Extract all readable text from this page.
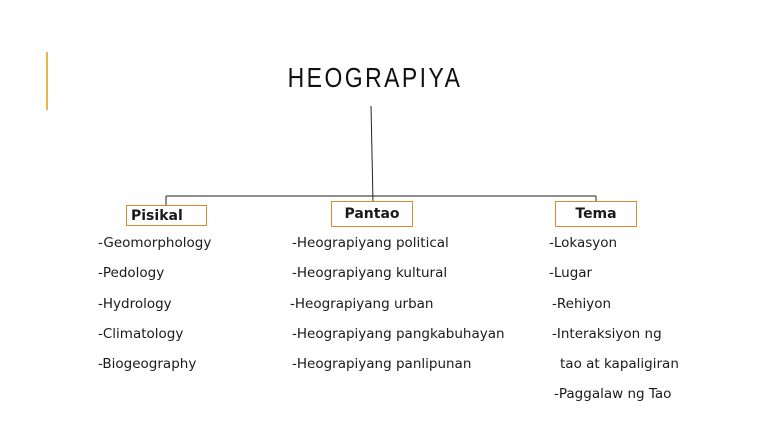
HEOGRAPIYA
Pisikal	Pantao	Tema
-Geomorphology
-Pedology
-Hydrology
-Climatology
-Biogeography
-Heograpiyang political
-Heograpiyang kultural
-Heograpiyang urban
-Heograpiyang pangkabuhayan
-Heograpiyang panlipunan
-Lokasyon
-Lugar
-Rehiyon
-Interaksiyon ng
tao at kapaligiran
-Paggalaw ng Tao
